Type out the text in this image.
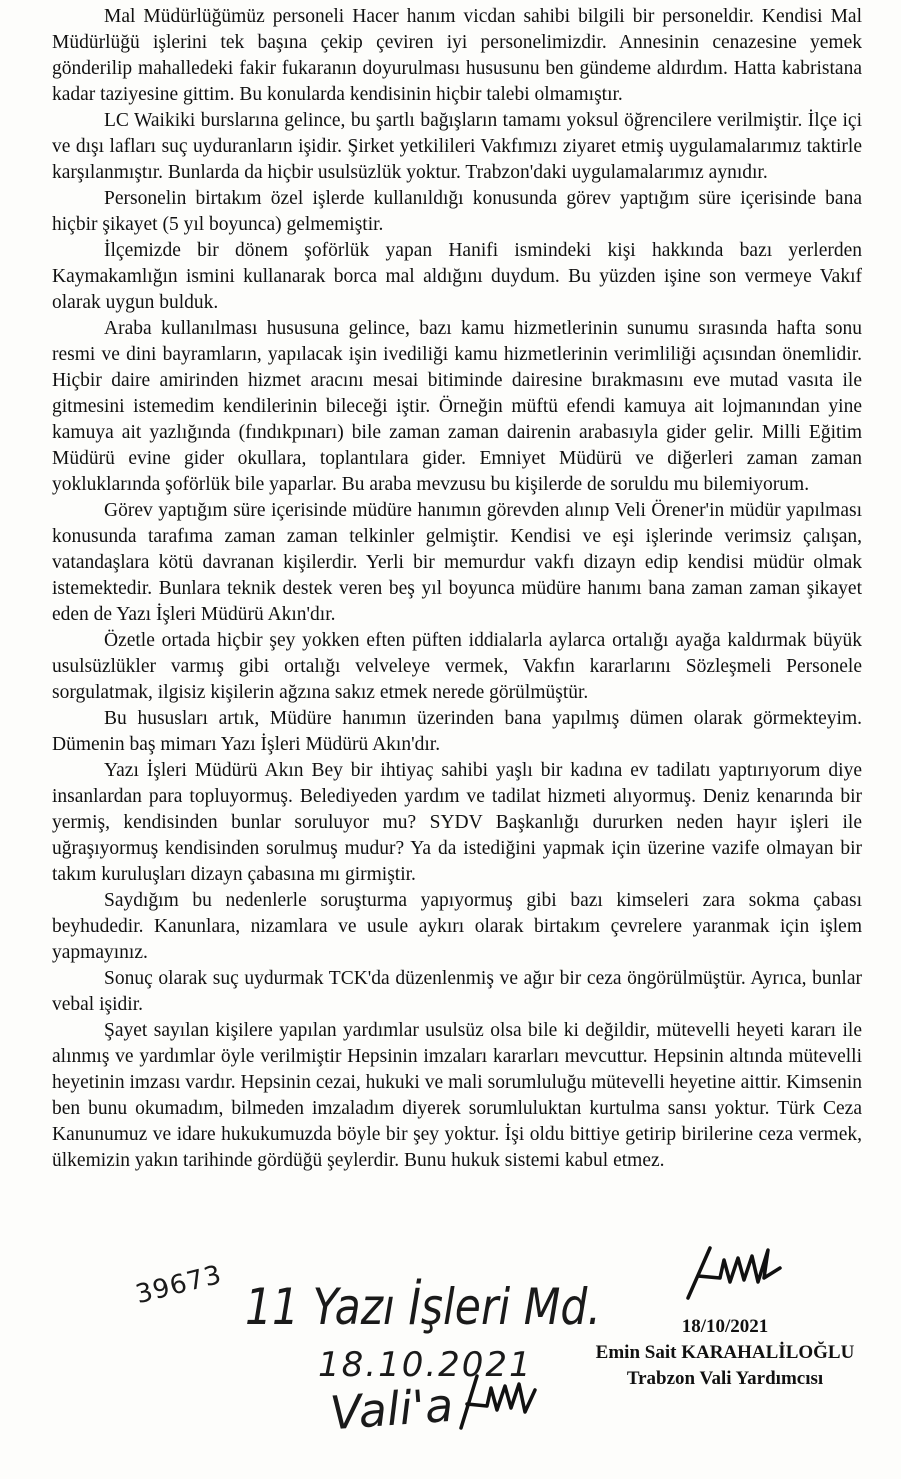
Mal Müdürlüğümüz personeli Hacer hanım vicdan sahibi bilgili bir personeldir. Kendisi Mal Müdürlüğü işlerini tek başına çekip çeviren iyi personelimizdir. Annesinin cenazesine yemek gönderilip mahalledeki fakir fukaranın doyurulması hususunu ben gündeme aldırdım. Hatta kabristana kadar taziyesine gittim. Bu konularda kendisinin hiçbir talebi olmamıştır.

LC Waikiki burslarına gelince, bu şartlı bağışların tamamı yoksul öğrencilere verilmiştir. İlçe içi ve dışı lafları suç uyduranların işidir. Şirket yetkilileri Vakfımızı ziyaret etmiş uygulamalarımız taktirle karşılanmıştır. Bunlarda da hiçbir usulsüzlük yoktur. Trabzon'daki uygulamalarımız aynıdır.

Personelin birtakım özel işlerde kullanıldığı konusunda görev yaptığım süre içerisinde bana hiçbir şikayet (5 yıl boyunca) gelmemiştir.

İlçemizde bir dönem şoförlük yapan Hanifi ismindeki kişi hakkında bazı yerlerden Kaymakamlığın ismini kullanarak borca mal aldığını duydum. Bu yüzden işine son vermeye Vakıf olarak uygun bulduk.

Araba kullanılması hususuna gelince, bazı kamu hizmetlerinin sunumu sırasında hafta sonu resmi ve dini bayramların, yapılacak işin ivediliği kamu hizmetlerinin verimliliği açısından önemlidir. Hiçbir daire amirinden hizmet aracını mesai bitiminde dairesine bırakmasını eve mutad vasıta ile gitmesini istemedim kendilerinin bileceği iştir. Örneğin müftü efendi kamuya ait lojmanından yine kamuya ait yazlığında (fındıkpınarı) bile zaman zaman dairenin arabasıyla gider gelir. Milli Eğitim Müdürü evine gider okullara, toplantılara gider. Emniyet Müdürü ve diğerleri zaman zaman yokluklarında şoförlük bile yaparlar. Bu araba mevzusu bu kişilerde de soruldu mu bilemiyorum.

Görev yaptığım süre içerisinde müdüre hanımın görevden alınıp Veli Örener'in müdür yapılması konusunda tarafıma zaman zaman telkinler gelmiştir. Kendisi ve eşi işlerinde verimsiz çalışan, vatandaşlara kötü davranan kişilerdir. Yerli bir memurdur vakfı dizayn edip kendisi müdür olmak istemektedir. Bunlara teknik destek veren beş yıl boyunca müdüre hanımı bana zaman zaman şikayet eden de Yazı İşleri Müdürü Akın'dır.

Özetle ortada hiçbir şey yokken eften püften iddialarla aylarca ortalığı ayağa kaldırmak büyük usulsüzlükler varmış gibi ortalığı velveleye vermek, Vakfın kararlarını Sözleşmeli Personele sorgulatmak, ilgisiz kişilerin ağzına sakız etmek nerede görülmüştür.

Bu hususları artık, Müdüre hanımın üzerinden bana yapılmış dümen olarak görmekteyim. Dümenin baş mimarı Yazı İşleri Müdürü Akın'dır.

Yazı İşleri Müdürü Akın Bey bir ihtiyaç sahibi yaşlı bir kadına ev tadilatı yaptırıyorum diye insanlardan para topluyormuş. Belediyeden yardım ve tadilat hizmeti alıyormuş. Deniz kenarında bir yermiş, kendisinden bunlar soruluyor mu? SYDV Başkanlığı dururken neden hayır işleri ile uğraşıyormuş kendisinden sorulmuş mudur? Ya da istediğini yapmak için üzerine vazife olmayan bir takım kuruluşları dizayn çabasına mı girmiştir.

Saydığım bu nedenlerle soruşturma yapıyormuş gibi bazı kimseleri zara sokma çabası beyhudedir. Kanunlara, nizamlara ve usule aykırı olarak birtakım çevrelere yaranmak için işlem yapmayınız.

Sonuç olarak suç uydurmak TCK'da düzenlenmiş ve ağır bir ceza öngörülmüştür. Ayrıca, bunlar vebal işidir.

Şayet sayılan kişilere yapılan yardımlar usulsüz olsa bile ki değildir, mütevelli heyeti kararı ile alınmış ve yardımlar öyle verilmiştir Hepsinin imzaları kararları mevcuttur. Hepsinin altında mütevelli heyetinin imzası vardır. Hepsinin cezai, hukuki ve mali sorumluluğu mütevelli heyetine aittir. Kimsenin ben bunu okumadım, bilmeden imzaladım diyerek sorumluluktan kurtulma sansı yoktur. Türk Ceza Kanunumuz ve idare hukukumuzda böyle bir şey yoktur. İşi oldu bittiye getirip birilerine ceza vermek, ülkemizin yakın tarihinde gördüğü şeylerdir. Bunu hukuk sistemi kabul etmez.

18/10/2021
Emin Sait KARAHALİLOĞLU
Trabzon Vali Yardımcısı
39673 11 Yazı İşleri Md.
18.10.2021
Vali'a
